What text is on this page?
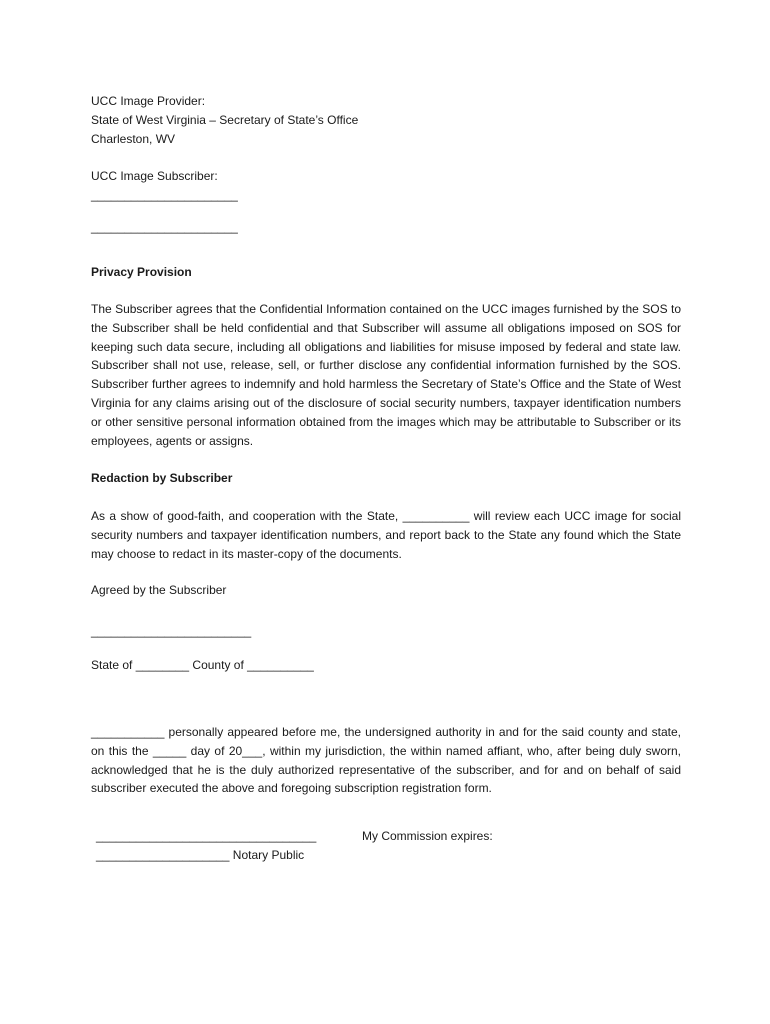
UCC Image Provider:
State of West Virginia – Secretary of State’s Office
Charleston, WV
UCC Image Subscriber:
______________________
______________________
Privacy Provision
The Subscriber agrees that the Confidential Information contained on the UCC images furnished by the SOS to the Subscriber shall be held confidential and that Subscriber will assume all obligations imposed on SOS for keeping such data secure, including all obligations and liabilities for misuse imposed by federal and state law. Subscriber shall not use, release, sell, or further disclose any confidential information furnished by the SOS. Subscriber further agrees to indemnify and hold harmless the Secretary of State’s Office and the State of West Virginia for any claims arising out of the disclosure of social security numbers, taxpayer identification numbers or other sensitive personal information obtained from the images which may be attributable to Subscriber or its employees, agents or assigns.
Redaction by Subscriber
As a show of good-faith, and cooperation with the State, __________ will review each UCC image for social security numbers and taxpayer identification numbers, and report back to the State any found which the State may choose to redact in its master-copy of the documents.
Agreed by the Subscriber
________________________
State of ________ County of __________
___________ personally appeared before me, the undersigned authority in and for the said county and state, on this the _____ day of 20___, within my jurisdiction, the within named affiant, who, after being duly sworn, acknowledged that he is the duly authorized representative of the subscriber, and for and on behalf of said subscriber executed the above and foregoing subscription registration form.
_________________________________	My Commission expires:
____________________ Notary Public
